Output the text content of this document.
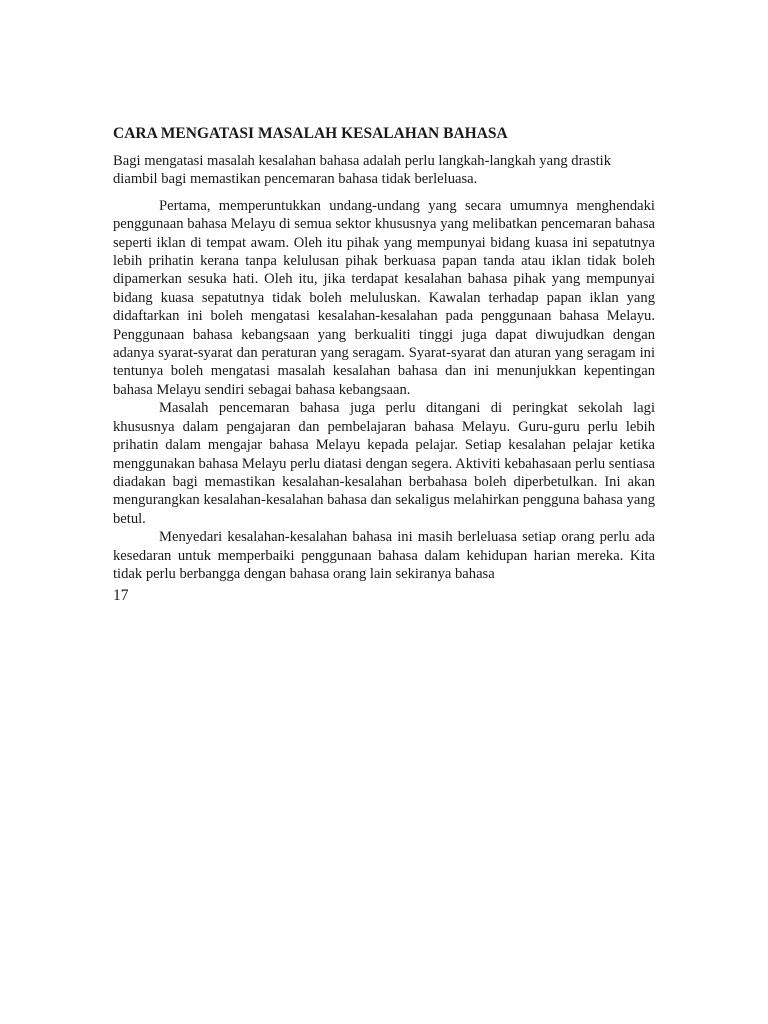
CARA MENGATASI MASALAH KESALAHAN BAHASA

Bagi mengatasi masalah kesalahan bahasa adalah perlu langkah-langkah yang drastik diambil bagi memastikan pencemaran bahasa tidak berleluasa.

Pertama, memperuntukkan undang-undang yang secara umumnya menghendaki penggunaan bahasa Melayu di semua sektor khususnya yang melibatkan pencemaran bahasa seperti iklan di tempat awam. Oleh itu pihak yang mempunyai bidang kuasa ini sepatutnya lebih prihatin kerana tanpa kelulusan pihak berkuasa papan tanda atau iklan tidak boleh dipamerkan sesuka hati. Oleh itu, jika terdapat kesalahan bahasa pihak yang mempunyai bidang kuasa sepatutnya tidak boleh meluluskan. Kawalan terhadap papan iklan yang didaftarkan ini boleh mengatasi kesalahan-kesalahan pada penggunaan bahasa Melayu. Penggunaan bahasa kebangsaan yang berkualiti tinggi juga dapat diwujudkan dengan adanya syarat-syarat dan peraturan yang seragam. Syarat-syarat dan aturan yang seragam ini tentunya boleh mengatasi masalah kesalahan bahasa dan ini menunjukkan kepentingan bahasa Melayu sendiri sebagai bahasa kebangsaan.

Masalah pencemaran bahasa juga perlu ditangani di peringkat sekolah lagi khususnya dalam pengajaran dan pembelajaran bahasa Melayu. Guru-guru perlu lebih prihatin dalam mengajar bahasa Melayu kepada pelajar. Setiap kesalahan pelajar ketika menggunakan bahasa Melayu perlu diatasi dengan segera. Aktiviti kebahasaan perlu sentiasa diadakan bagi memastikan kesalahan-kesalahan berbahasa boleh diperbetulkan. Ini akan mengurangkan kesalahan-kesalahan bahasa dan sekaligus melahirkan pengguna bahasa yang betul.

Menyedari kesalahan-kesalahan bahasa ini masih berleluasa setiap orang perlu ada kesedaran untuk memperbaiki penggunaan bahasa dalam kehidupan harian mereka. Kita tidak perlu berbangga dengan bahasa orang lain sekiranya bahasa

17
